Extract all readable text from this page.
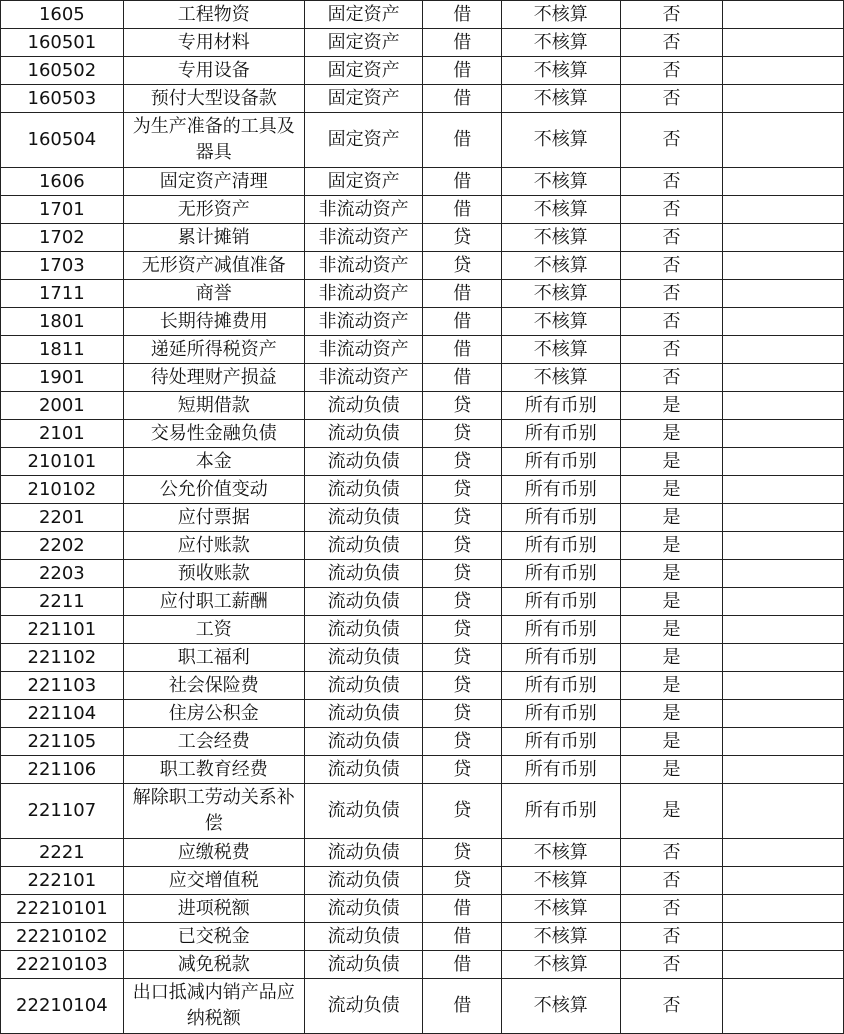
1605	工程物资	固定资产	借	不核算	否	
160501	专用材料	固定资产	借	不核算	否	
160502	专用设备	固定资产	借	不核算	否	
160503	预付大型设备款	固定资产	借	不核算	否	
160504	为生产准备的工具及器具	固定资产	借	不核算	否	
1606	固定资产清理	固定资产	借	不核算	否	
1701	无形资产	非流动资产	借	不核算	否	
1702	累计摊销	非流动资产	贷	不核算	否	
1703	无形资产减值准备	非流动资产	贷	不核算	否	
1711	商誉	非流动资产	借	不核算	否	
1801	长期待摊费用	非流动资产	借	不核算	否	
1811	递延所得税资产	非流动资产	借	不核算	否	
1901	待处理财产损益	非流动资产	借	不核算	否	
2001	短期借款	流动负债	贷	所有币别	是	
2101	交易性金融负债	流动负债	贷	所有币别	是	
210101	本金	流动负债	贷	所有币别	是	
210102	公允价值变动	流动负债	贷	所有币别	是	
2201	应付票据	流动负债	贷	所有币别	是	
2202	应付账款	流动负债	贷	所有币别	是	
2203	预收账款	流动负债	贷	所有币别	是	
2211	应付职工薪酬	流动负债	贷	所有币别	是	
221101	工资	流动负债	贷	所有币别	是	
221102	职工福利	流动负债	贷	所有币别	是	
221103	社会保险费	流动负债	贷	所有币别	是	
221104	住房公积金	流动负债	贷	所有币别	是	
221105	工会经费	流动负债	贷	所有币别	是	
221106	职工教育经费	流动负债	贷	所有币别	是	
221107	解除职工劳动关系补偿	流动负债	贷	所有币别	是	
2221	应缴税费	流动负债	贷	不核算	否	
222101	应交增值税	流动负债	贷	不核算	否	
22210101	进项税额	流动负债	借	不核算	否	
22210102	已交税金	流动负债	借	不核算	否	
22210103	减免税款	流动负债	借	不核算	否	
22210104	出口抵减内销产品应纳税额	流动负债	借	不核算	否	
